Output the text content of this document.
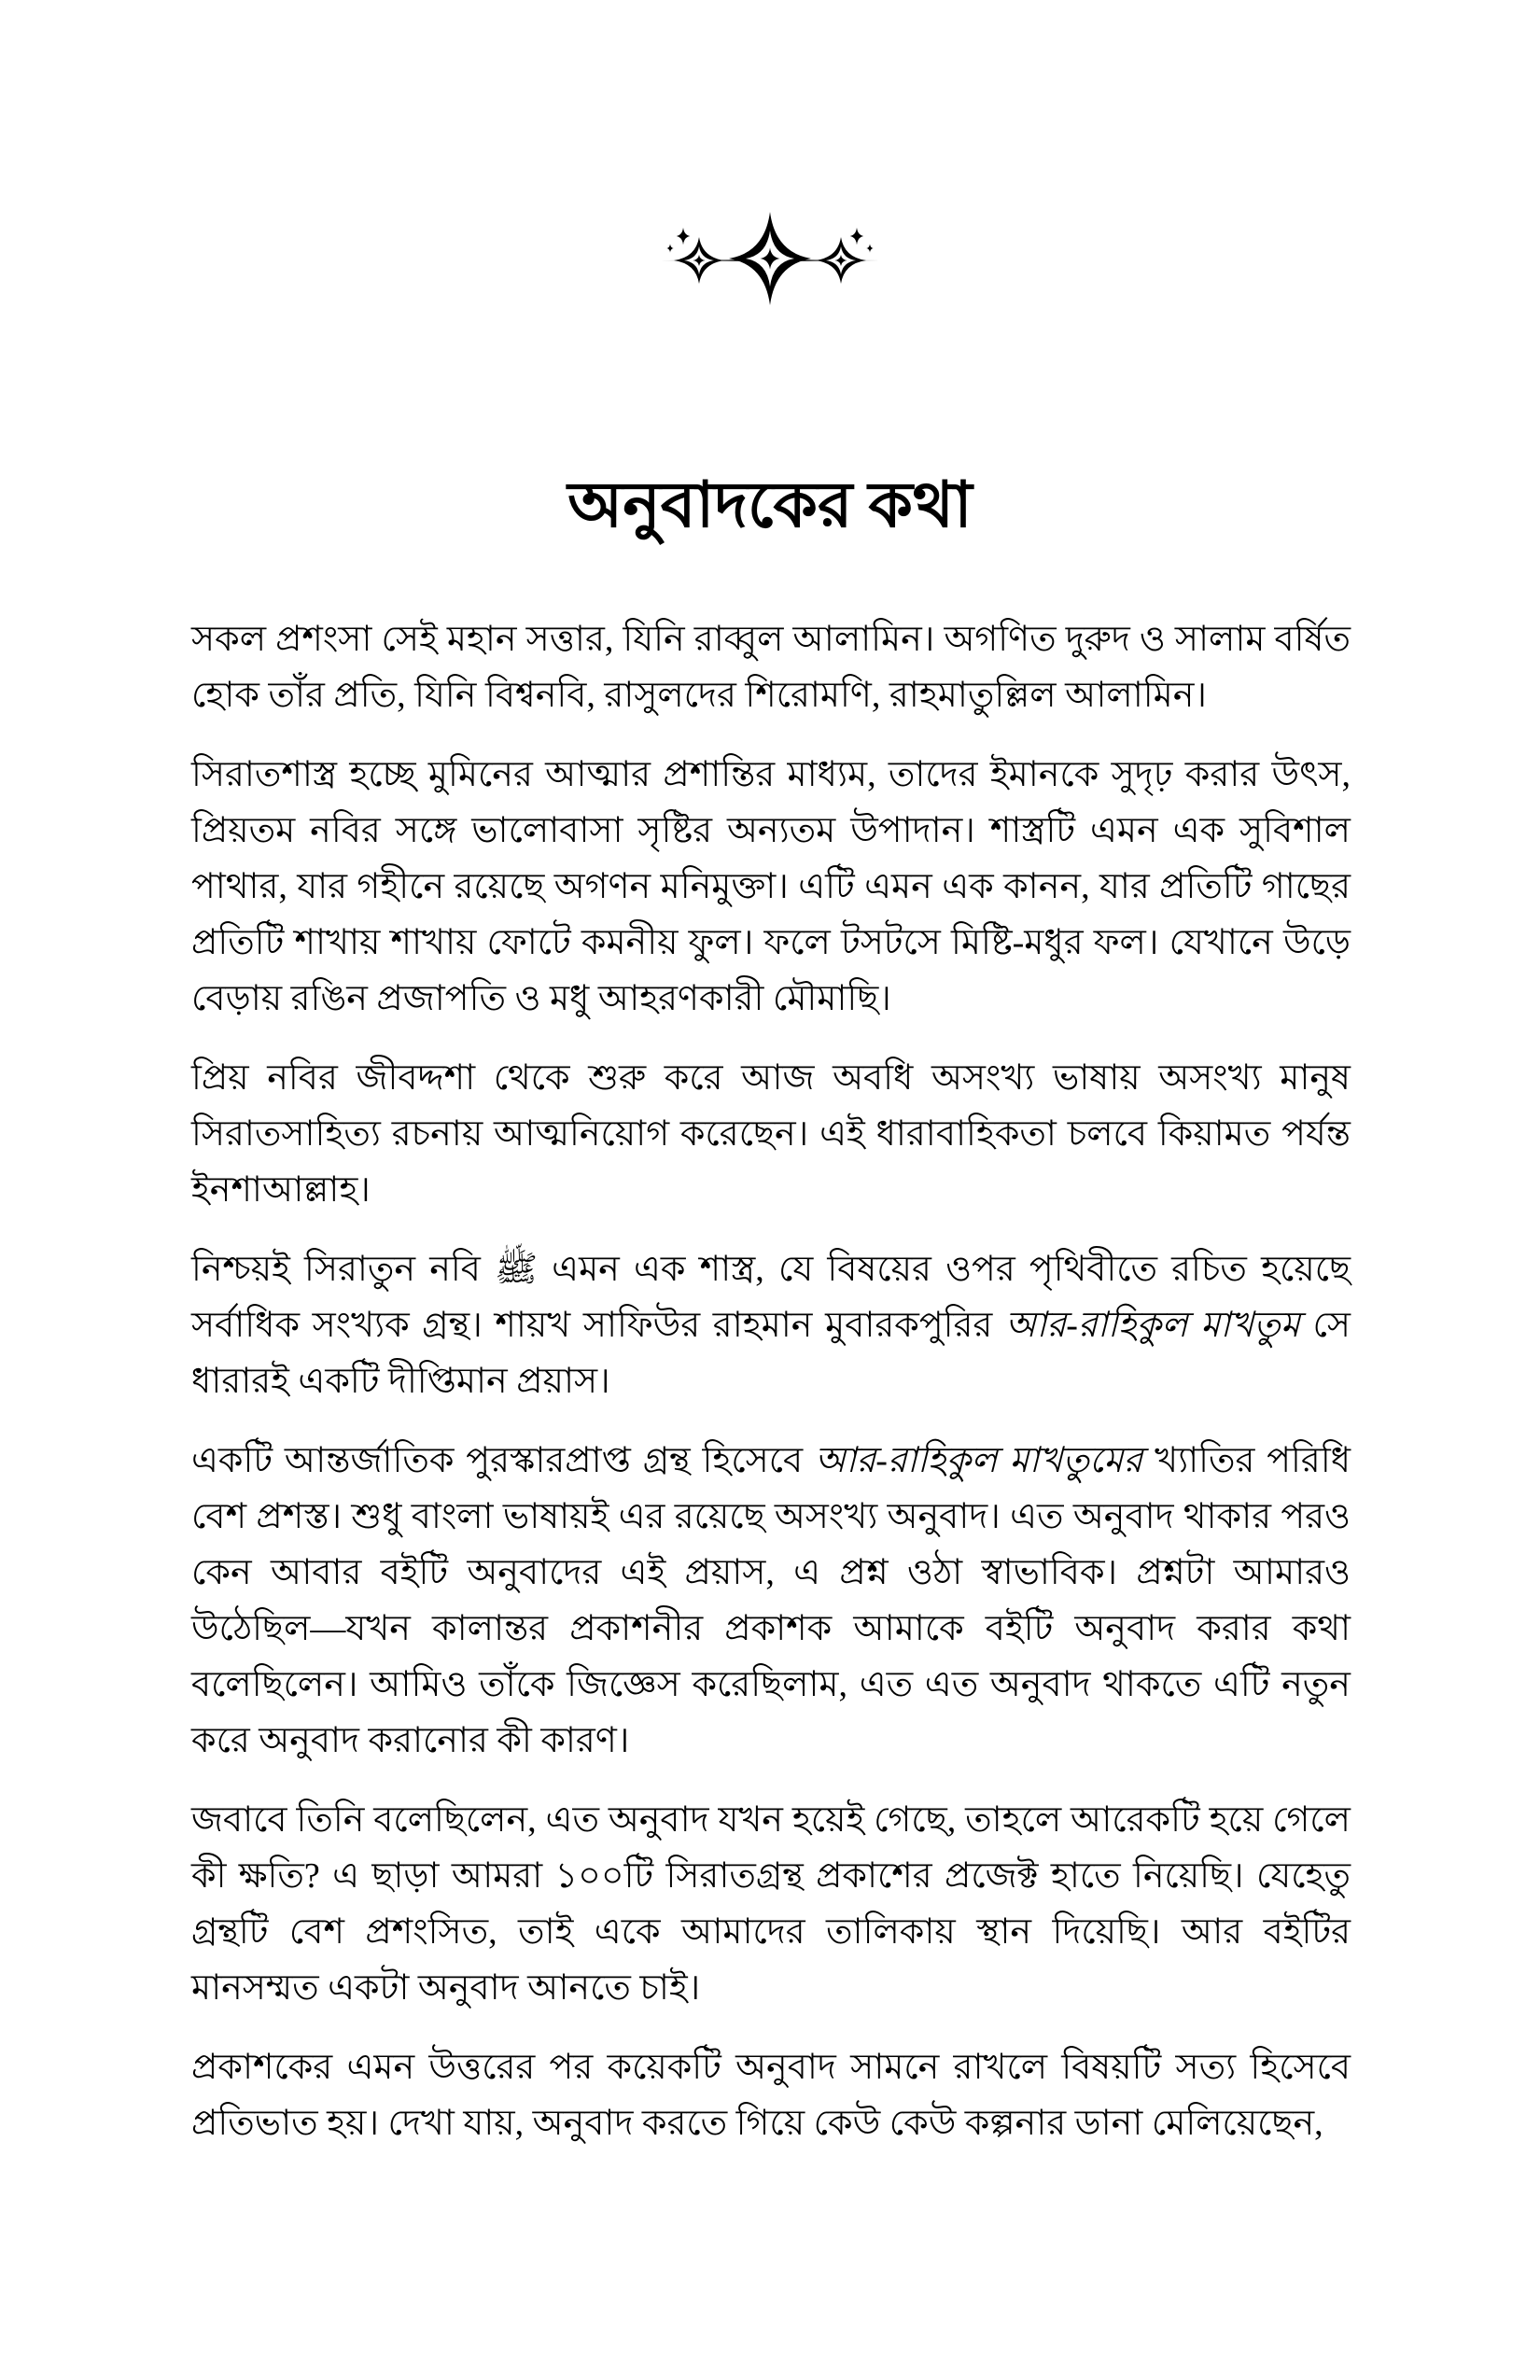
অনুবাদকের কথা

সকল প্রশংসা সেই মহান সত্তার, যিনি রাব্বুল আলামিন। অগণিত দুরুদ ও সালাম বর্ষিত হোক তাঁর প্রতি, যিনি বিশ্বনবি, রাসুলদের শিরোমণি, রাহমাতুল্লিল আলামিন।

সিরাতশাস্ত্র হচ্ছে মুমিনের আত্মার প্রশান্তির মাধ্যম, তাদের ইমানকে সুদৃঢ় করার উৎস, প্রিয়তম নবির সঙ্গে ভালোবাসা সৃষ্টির অন্যতম উপাদান। শাস্ত্রটি এমন এক সুবিশাল পাথার, যার গহীনে রয়েছে অগণন মনিমুক্তা। এটি এমন এক কানন, যার প্রতিটি গাছের প্রতিটি শাখায় শাখায় ফোটে কমনীয় ফুল। ফলে টসটসে মিষ্টি-মধুর ফল। যেখানে উড়ে বেড়ায় রঙিন প্রজাপতি ও মধু আহরণকারী মৌমাছি।

প্রিয় নবির জীবদ্দশা থেকে শুরু করে আজ অবধি অসংখ্য ভাষায় অসংখ্য মানুষ সিরাতসাহিত্য রচনায় আত্মনিয়োগ করেছেন। এই ধারাবাহিকতা চলবে কিয়ামত পর্যন্ত ইনশাআল্লাহ।

নিশ্চয়ই সিরাতুন নবি ﷺ এমন এক শাস্ত্র, যে বিষয়ের ওপর পৃথিবীতে রচিত হয়েছে সর্বাধিক সংখ্যক গ্রন্থ। শায়খ সাফিউর রাহমান মুবারকপুরির আর-রাহিকুল মাখতুম সে ধারারই একটি দীপ্তিমান প্রয়াস।

একটি আন্তর্জাতিক পুরস্কারপ্রাপ্ত গ্রন্থ হিসেবে আর-রাহিকুল মাখতুমের খ্যাতির পরিধি বেশ প্রশস্ত। শুধু বাংলা ভাষায়ই এর রয়েছে অসংখ্য অনুবাদ। এত অনুবাদ থাকার পরও কেন আবার বইটি অনুবাদের এই প্রয়াস, এ প্রশ্ন ওঠা স্বাভাবিক। প্রশ্নটা আমারও উঠেছিল—যখন কালান্তর প্রকাশনীর প্রকাশক আমাকে বইটি অনুবাদ করার কথা বলেছিলেন। আমিও তাঁকে জিজ্ঞেস করেছিলাম, এত এত অনুবাদ থাকতে এটি নতুন করে অনুবাদ করানোর কী কারণ।

জবাবে তিনি বলেছিলেন, এত অনুবাদ যখন হয়েই গেছে, তাহলে আরেকটি হয়ে গেলে কী ক্ষতি? এ ছাড়া আমরা ১০০টি সিরাতগ্রন্থ প্রকাশের প্রজেক্ট হাতে নিয়েছি। যেহেতু গ্রন্থটি বেশ প্রশংসিত, তাই একে আমাদের তালিকায় স্থান দিয়েছি। আর বইটির মানসম্মত একটা অনুবাদ আনতে চাই।

প্রকাশকের এমন উত্তরের পর কয়েকটি অনুবাদ সামনে রাখলে বিষয়টি সত্য হিসেবে প্রতিভাত হয়। দেখা যায়, অনুবাদ করতে গিয়ে কেউ কেউ কল্পনার ডানা মেলিয়েছেন,
